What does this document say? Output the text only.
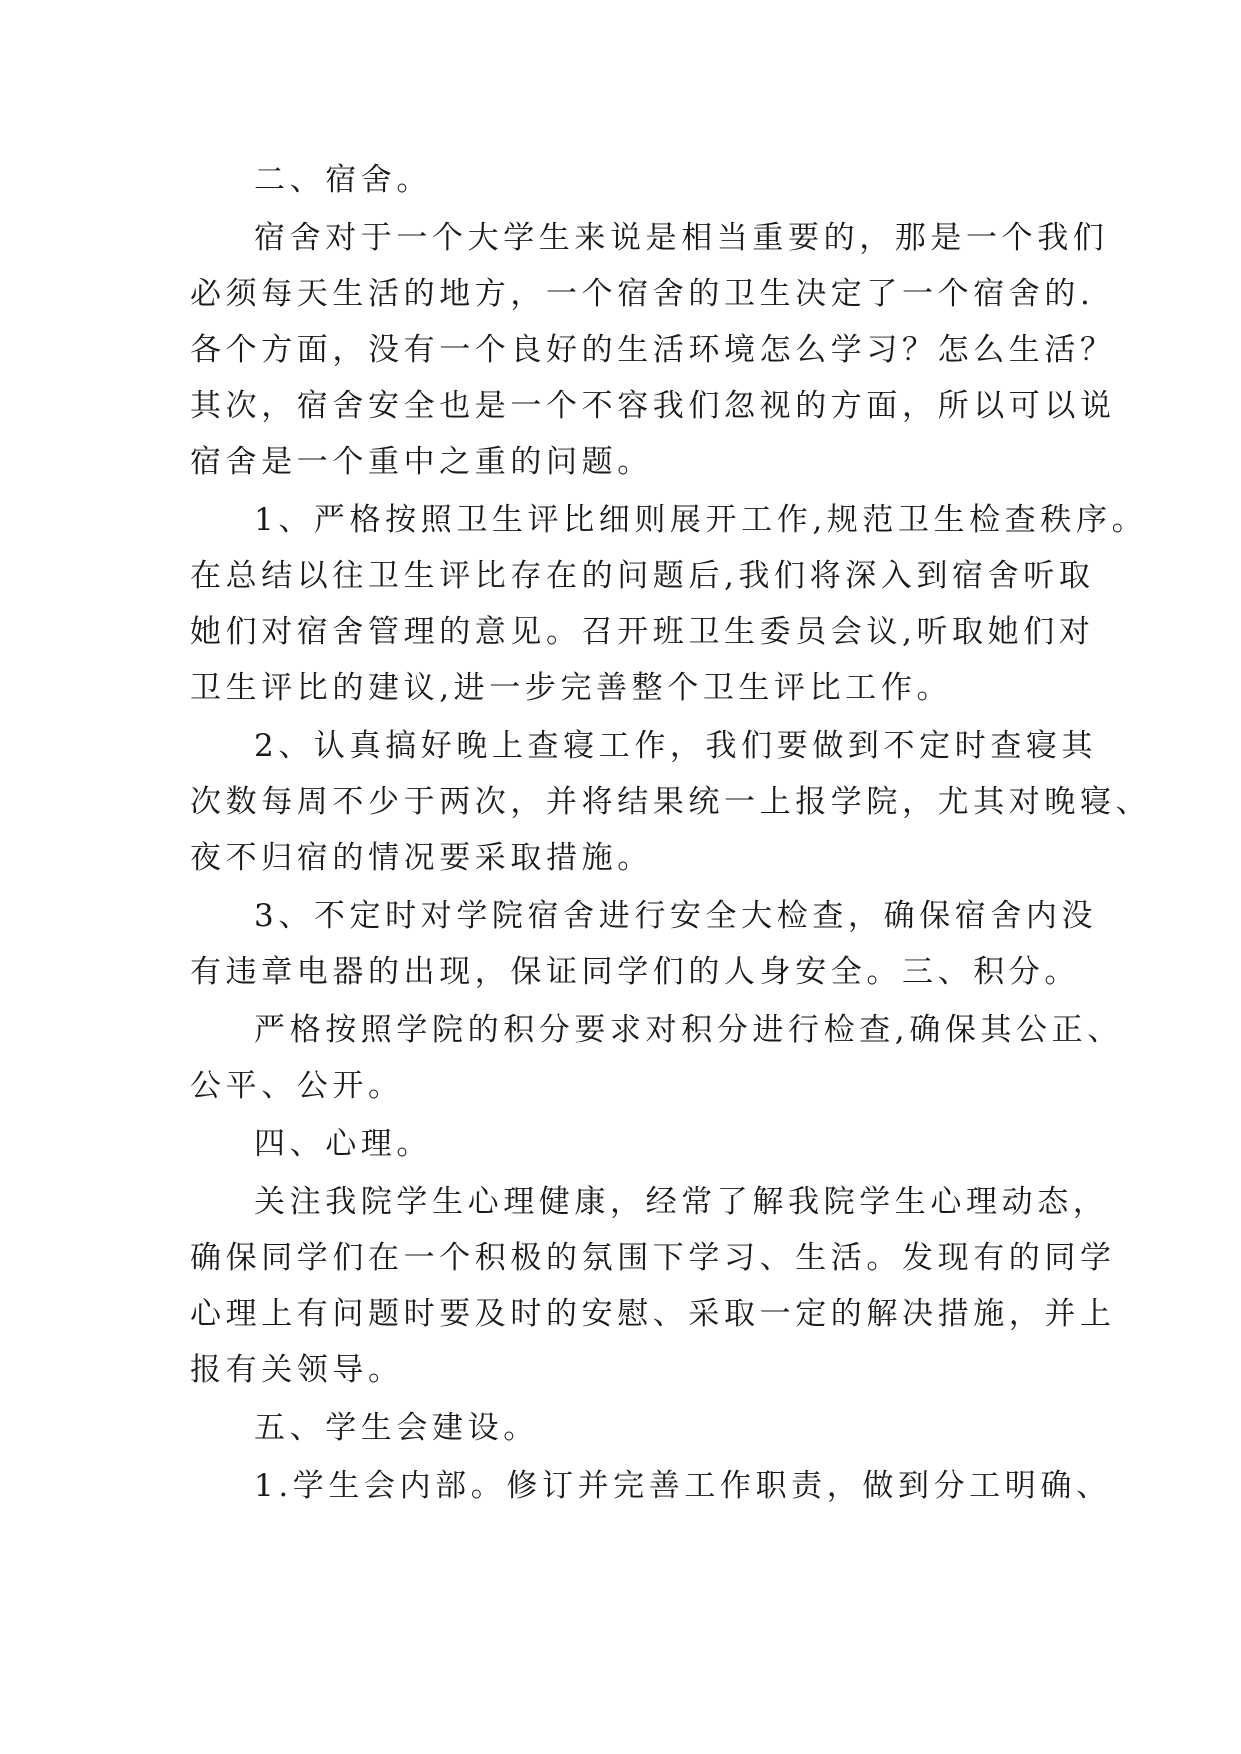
二、宿舍。
宿舍对于一个大学生来说是相当重要的，那是一个我们
必须每天生活的地方，一个宿舍的卫生决定了一个宿舍的.
各个方面，没有一个良好的生活环境怎么学习？怎么生活？
其次，宿舍安全也是一个不容我们忽视的方面，所以可以说
宿舍是一个重中之重的问题。
1、严格按照卫生评比细则展开工作,规范卫生检查秩序。
在总结以往卫生评比存在的问题后,我们将深入到宿舍听取
她们对宿舍管理的意见。召开班卫生委员会议,听取她们对
卫生评比的建议,进一步完善整个卫生评比工作。
2、认真搞好晚上查寝工作，我们要做到不定时查寝其
次数每周不少于两次，并将结果统一上报学院，尤其对晚寝、
夜不归宿的情况要采取措施。
3、不定时对学院宿舍进行安全大检查，确保宿舍内没
有违章电器的出现，保证同学们的人身安全。三、积分。
严格按照学院的积分要求对积分进行检查,确保其公正、
公平、公开。
四、心理。
关注我院学生心理健康，经常了解我院学生心理动态，
确保同学们在一个积极的氛围下学习、生活。发现有的同学
心理上有问题时要及时的安慰、采取一定的解决措施，并上
报有关领导。
五、学生会建设。
1.学生会内部。修订并完善工作职责，做到分工明确、
